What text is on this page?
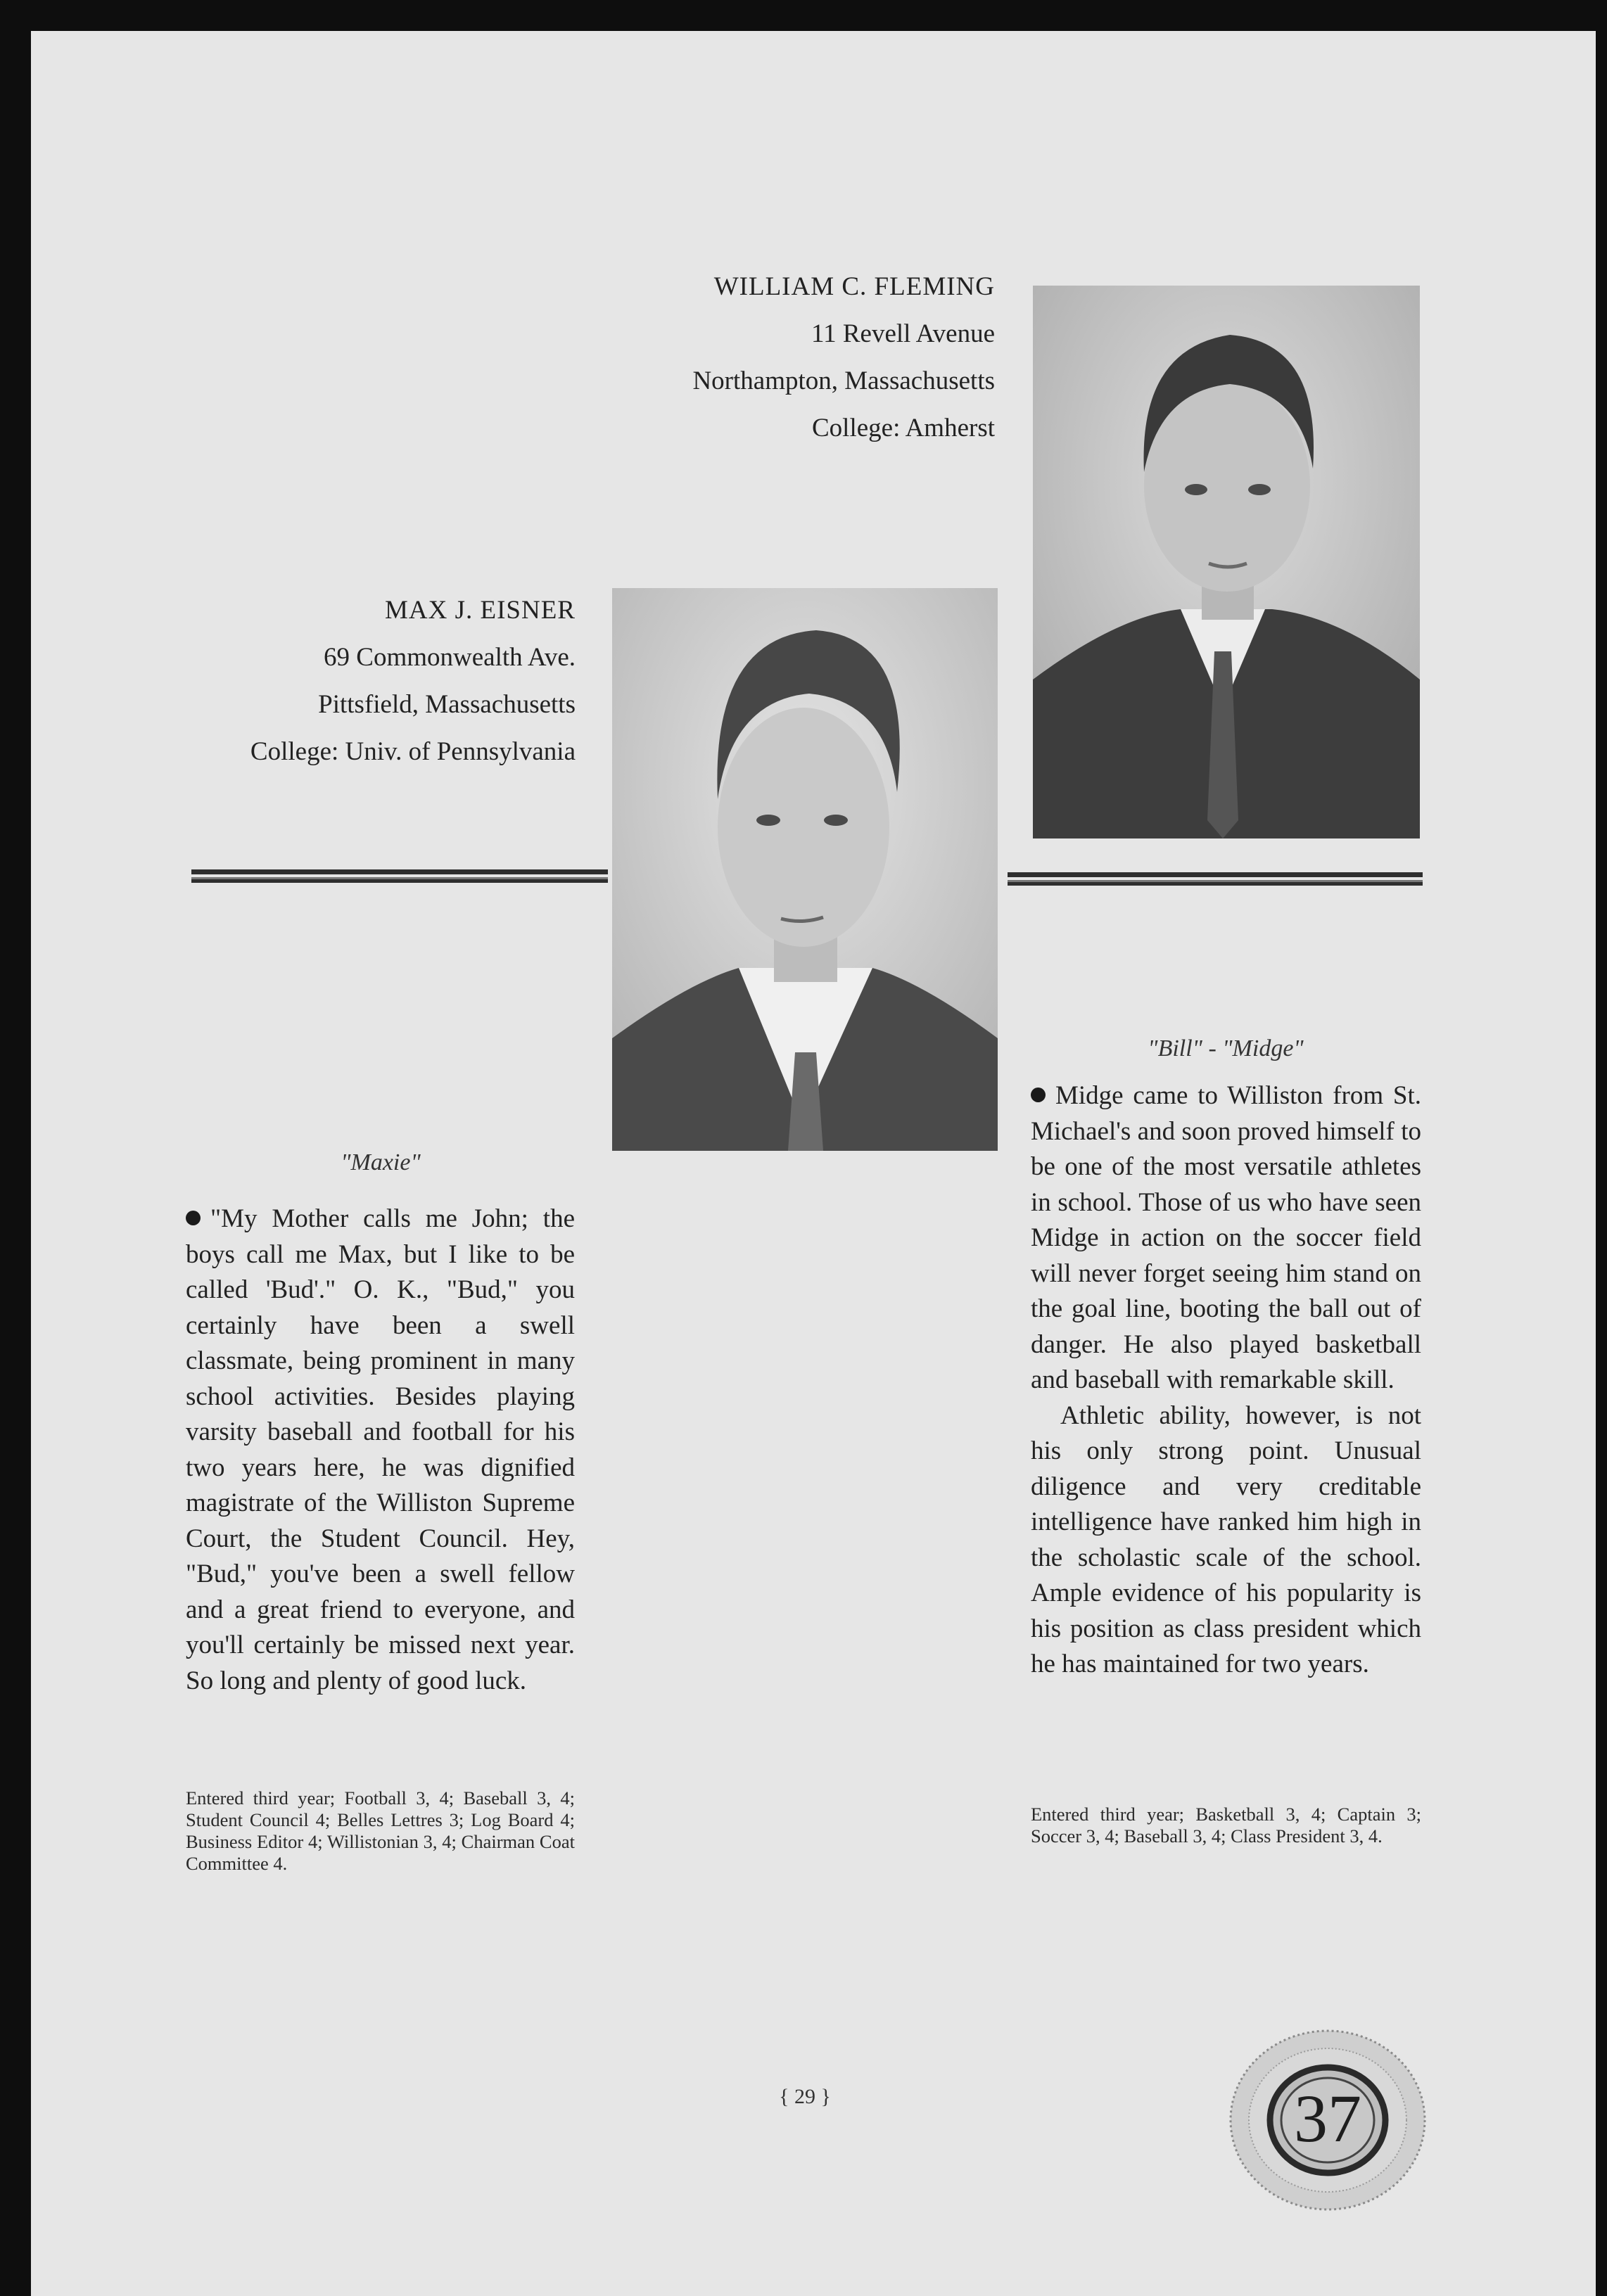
WILLIAM C. FLEMING
11 Revell Avenue
Northampton, Massachusetts
College: Amherst
MAX J. EISNER
69 Commonwealth Ave.
Pittsfield, Massachusetts
College: Univ. of Pennsylvania
"Bill" - "Midge"

Midge came to Williston from St. Michael's and soon proved himself to be one of the most versatile athletes in school. Those of us who have seen Midge in action on the soccer field will never forget seeing him stand on the goal line, booting the ball out of danger. He also played basketball and baseball with remarkable skill.

Athletic ability, however, is not his only strong point. Unusual diligence and very creditable intelligence have ranked him high in the scholastic scale of the school. Ample evidence of his popularity is his position as class president which he has maintained for two years.

Entered third year; Basketball 3, 4; Captain 3; Soccer 3, 4; Baseball 3, 4; Class President 3, 4.
"Maxie"

"My Mother calls me John; the boys call me Max, but I like to be called 'Bud'." O. K., "Bud," you certainly have been a swell classmate, being prominent in many school activities. Besides playing varsity baseball and football for his two years here, he was dignified magistrate of the Williston Supreme Court, the Student Council. Hey, "Bud," you've been a swell fellow and a great friend to everyone, and you'll certainly be missed next year. So long and plenty of good luck.

Entered third year; Football 3, 4; Baseball 3, 4; Student Council 4; Belles Lettres 3; Log Board 4; Business Editor 4; Willistonian 3, 4; Chairman Coat Committee 4.
{ 29 }	37
